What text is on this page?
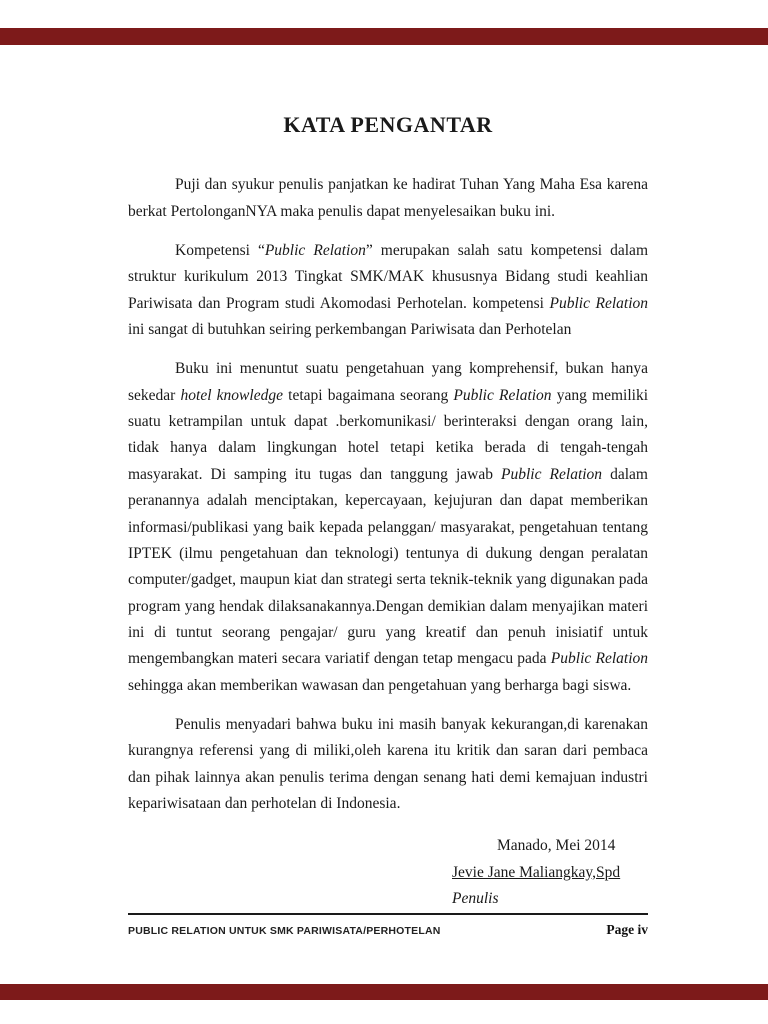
KATA PENGANTAR

Puji dan syukur penulis panjatkan ke hadirat Tuhan Yang Maha Esa karena berkat PertolonganNYA maka penulis dapat menyelesaikan buku ini.

Kompetensi “Public Relation” merupakan salah satu kompetensi dalam struktur kurikulum 2013 Tingkat SMK/MAK khususnya Bidang studi keahlian Pariwisata dan Program studi Akomodasi Perhotelan. kompetensi Public Relation ini sangat di butuhkan seiring perkembangan Pariwisata dan Perhotelan

Buku ini menuntut suatu pengetahuan yang komprehensif, bukan hanya sekedar hotel knowledge tetapi bagaimana seorang Public Relation yang memiliki suatu ketrampilan untuk dapat .berkomunikasi/ berinteraksi dengan orang lain, tidak hanya dalam lingkungan hotel tetapi ketika berada di tengah-tengah masyarakat. Di samping itu tugas dan tanggung jawab Public Relation dalam peranannya adalah menciptakan, kepercayaan, kejujuran dan dapat memberikan informasi/publikasi yang baik kepada pelanggan/ masyarakat, pengetahuan tentang IPTEK (ilmu pengetahuan dan teknologi) tentunya di dukung dengan peralatan computer/gadget, maupun kiat dan strategi serta teknik-teknik yang digunakan pada program yang hendak dilaksanakannya.Dengan demikian dalam menyajikan materi ini di tuntut seorang pengajar/ guru yang kreatif dan penuh inisiatif untuk mengembangkan materi secara variatif dengan tetap mengacu pada Public Relation sehingga akan memberikan wawasan dan pengetahuan yang berharga bagi siswa.

Penulis menyadari bahwa buku ini masih banyak kekurangan,di karenakan kurangnya referensi yang di miliki,oleh karena itu kritik dan saran dari pembaca dan pihak lainnya akan penulis terima dengan senang hati demi kemajuan industri kepariwisataan dan perhotelan di Indonesia.

Manado, Mei 2014
Jevie Jane Maliangkay,Spd
Penulis
PUBLIC RELATION UNTUK SMK PARIWISATA/PERHOTELAN	Page iv
